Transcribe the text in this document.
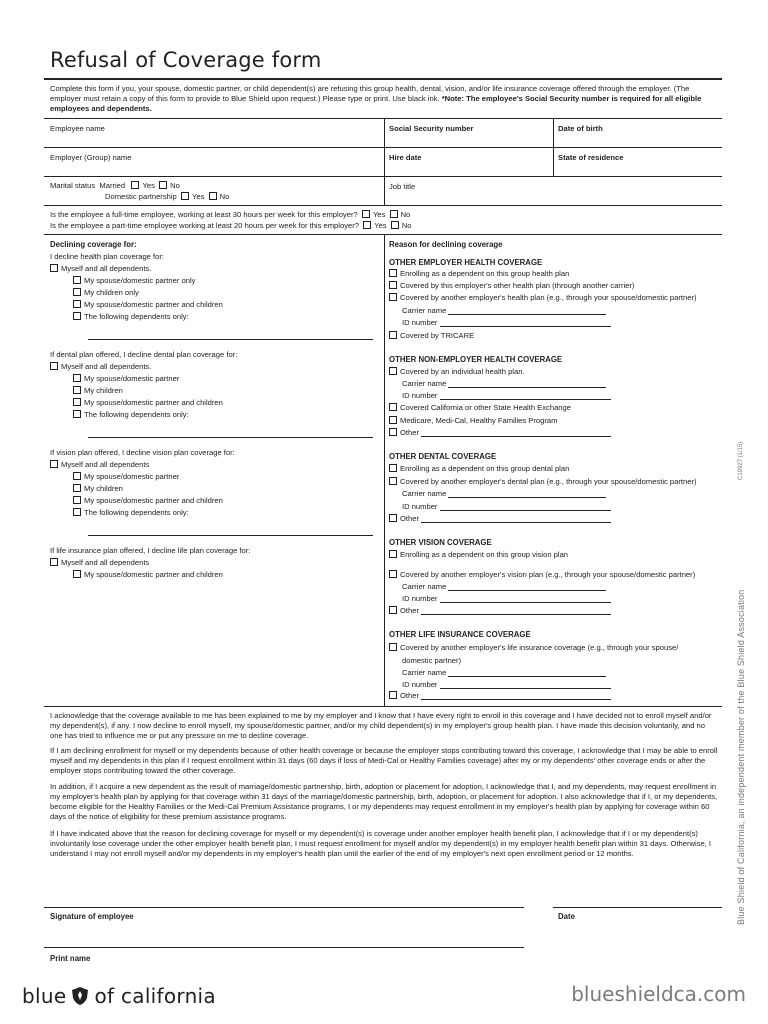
Refusal of Coverage form
Complete this form if you, your spouse, domestic partner, or child dependent(s) are refusing this group health, dental, vision, and/or life insurance coverage offered through the employer. (The employer must retain a copy of this form to provide to Blue Shield upon request.) Please type or print. Use black ink. *Note: The employee's Social Security number is required for all eligible employees and dependents.
Employee name	Social Security number	Date of birth
Employer (Group) name	Hire date	State of residence
Marital status Married Yes No
Domestic partnership Yes No
Job title
Is the employee a full-time employee, working at least 30 hours per week for this employer? Yes No
Is the employee a part-time employee working at least 20 hours per week for this employer? Yes No
Declining coverage for:
I decline health plan coverage for:
Myself and all dependents.
My spouse/domestic partner only
My children only
My spouse/domestic partner and children
The following dependents only:
If dental plan offered, I decline dental plan coverage for:
Myself and all dependents.
My spouse/domestic partner
My children
My spouse/domestic partner and children
The following dependents only:
If vision plan offered, I decline vision plan coverage for:
Myself and all dependents
My spouse/domestic partner
My children
My spouse/domestic partner and children
The following dependents only:
If life insurance plan offered, I decline life plan coverage for:
Myself and all dependents
My spouse/domestic partner and children
Reason for declining coverage
OTHER EMPLOYER HEALTH COVERAGE
Enrolling as a dependent on this group health plan
Covered by this employer's other health plan (through another carrier)
Covered by another employer's health plan (e.g., through your spouse/domestic partner)
Carrier name
ID number
Covered by TRICARE
OTHER NON-EMPLOYER HEALTH COVERAGE
Covered by an individual health plan.
Carrier name
ID number
Covered California or other State Health Exchange
Medicare, Medi-Cal, Healthy Families Program
Other
OTHER DENTAL COVERAGE
Enrolling as a dependent on this group dental plan
Covered by another employer's dental plan (e.g., through your spouse/domestic partner)
Carrier name
ID number
Other
OTHER VISION COVERAGE
Enrolling as a dependent on this group vision plan
Covered by another employer's vision plan (e.g., through your spouse/domestic partner)
Carrier name
ID number
Other
OTHER LIFE INSURANCE COVERAGE
Covered by another employer's life insurance coverage (e.g., through your spouse/
domestic partner)
Carrier name
ID number
Other
I acknowledge that the coverage available to me has been explained to me by my employer and I know that I have every right to enroll in this coverage and I have decided not to enroll myself and/or my dependent(s), if any. I now decline to enroll myself, my spouse/domestic partner, and/or my child dependent(s) in my employer's group health plan. I have made this decision voluntarily, and no one has tried to influence me or put any pressure on me to decline coverage.
If I am declining enrollment for myself or my dependents because of other health coverage or because the employer stops contributing toward this coverage, I acknowledge that I may be able to enroll myself and my dependents in this plan if I request enrollment within 31 days (60 days if loss of Medi-Cal or Healthy Families coverage) after my or my dependents' other coverage ends or after the employer stops contributing toward the other coverage.
In addition, if I acquire a new dependent as the result of marriage/domestic partnership, birth, adoption or placement for adoption, I acknowledge that I, and my dependents, may request enrollment in my employer's health plan by applying for that coverage within 31 days of the marriage/domestic partnership, birth, adoption, or placement for adoption. I also acknowledge that if I, or my dependents, become eligible for the Healthy Families or the Medi-Cal Premium Assistance programs, I or my dependents may request enrollment in my employer's health plan by applying for coverage within 60 days of the notice of eligibility for these premium assistance programs.
If I have indicated above that the reason for declining coverage for myself or my dependent(s) is coverage under another employer health benefit plan, I acknowledge that if I or my dependent(s) involuntarily lose coverage under the other employer health benefit plan, I must request enrollment for myself and/or my dependent(s) in my employer health benefit plan within 31 days. Otherwise, I understand I may not enroll myself and/or my dependents in my employer's health plan until the earlier of the end of my employer's next open enrollment period or 12 months.
Signature of employee	Date
Print name
blue of california	blueshieldca.com
Blue Shield of California, an independent member of the Blue Shield Association
C19927 (1/15)
